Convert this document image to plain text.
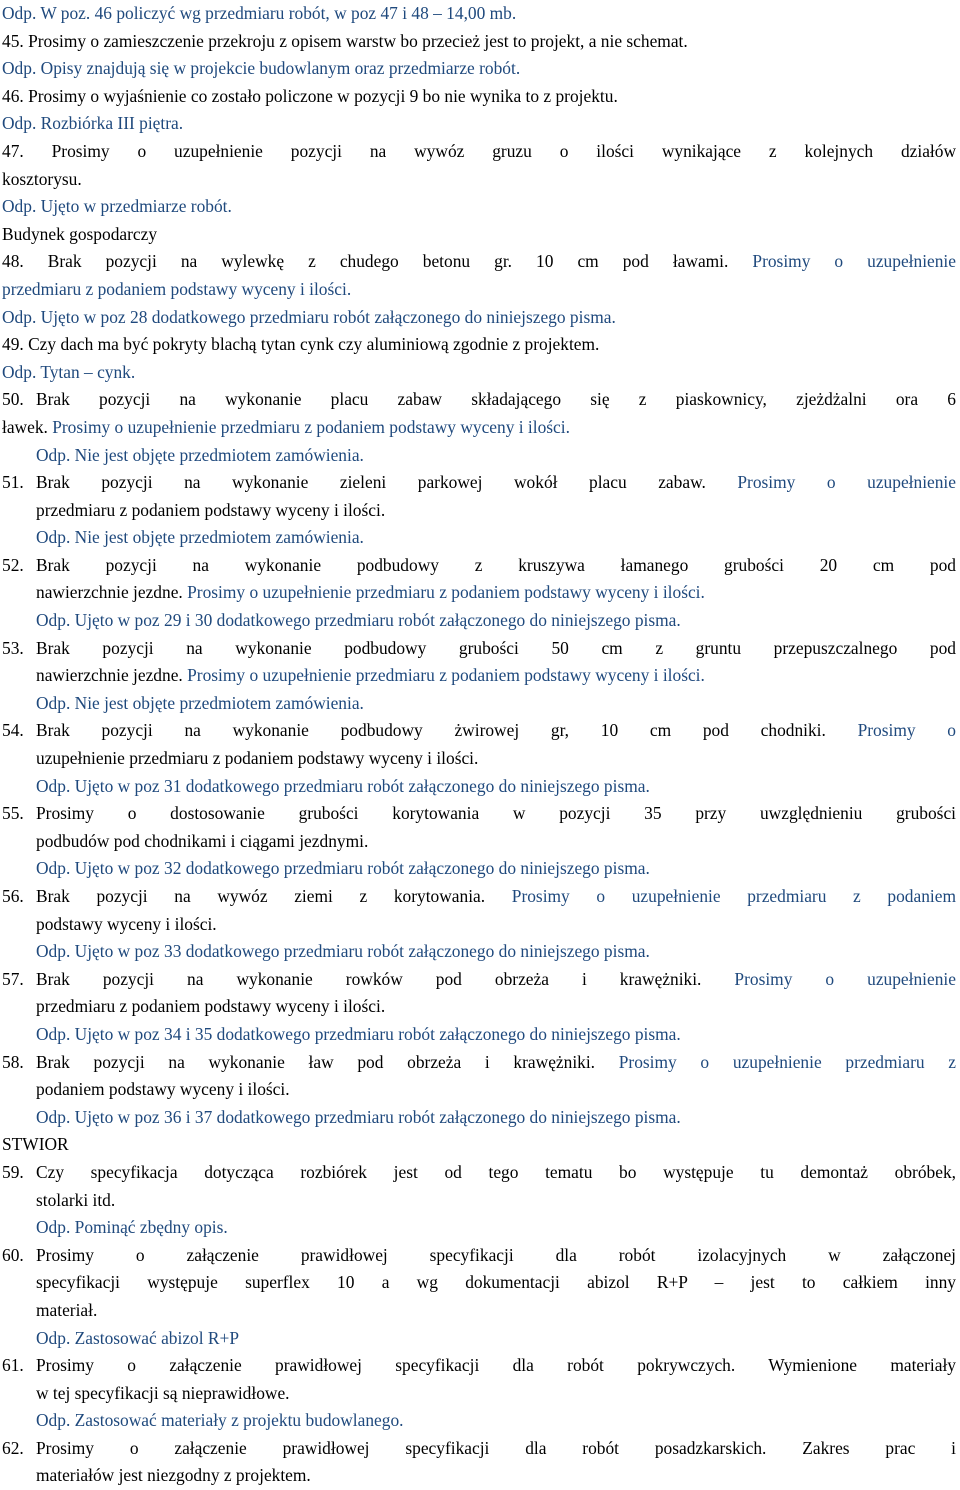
Odp. W poz. 46 policzyć wg przedmiaru robót, w poz 47 i 48 – 14,00 mb.
45. Prosimy o zamieszczenie przekroju z opisem warstw bo przecież jest to projekt, a nie schemat.
Odp. Opisy znajdują się w projekcie budowlanym oraz przedmiarze robót.
46. Prosimy o wyjaśnienie co zostało policzone w pozycji 9 bo nie wynika to z projektu.
Odp. Rozbiórka III piętra.
47. Prosimy o uzupełnienie pozycji na wywóz gruzu o ilości wynikające z kolejnych działów
kosztorysu.
Odp. Ujęto w przedmiarze robót.
Budynek gospodarczy
48. Brak pozycji na wylewkę z chudego betonu gr. 10 cm pod ławami. Prosimy o uzupełnienie
przedmiaru z podaniem podstawy wyceny i ilości.
Odp. Ujęto w poz 28 dodatkowego przedmiaru robót załączonego do niniejszego pisma.
49. Czy dach ma być pokryty blachą tytan cynk czy aluminiową zgodnie z projektem.
Odp. Tytan – cynk.
50. Brak pozycji na wykonanie placu zabaw składającego się z piaskownicy, zjeżdżalni ora 6
ławek. Prosimy o uzupełnienie przedmiaru z podaniem podstawy wyceny i ilości.
Odp. Nie jest objęte przedmiotem zamówienia.
51. Brak pozycji na wykonanie zieleni parkowej wokół placu zabaw. Prosimy o uzupełnienie
przedmiaru z podaniem podstawy wyceny i ilości.
Odp. Nie jest objęte przedmiotem zamówienia.
52. Brak pozycji na wykonanie podbudowy z kruszywa łamanego grubości 20 cm pod
nawierzchnie jezdne. Prosimy o uzupełnienie przedmiaru z podaniem podstawy wyceny i ilości.
Odp. Ujęto w poz 29 i 30 dodatkowego przedmiaru robót załączonego do niniejszego pisma.
53. Brak pozycji na wykonanie podbudowy grubości 50 cm z gruntu przepuszczalnego pod
nawierzchnie jezdne. Prosimy o uzupełnienie przedmiaru z podaniem podstawy wyceny i ilości.
Odp. Nie jest objęte przedmiotem zamówienia.
54. Brak pozycji na wykonanie podbudowy żwirowej gr, 10 cm pod chodniki. Prosimy o
uzupełnienie przedmiaru z podaniem podstawy wyceny i ilości.
Odp. Ujęto w poz 31 dodatkowego przedmiaru robót załączonego do niniejszego pisma.
55. Prosimy o dostosowanie grubości korytowania w pozycji 35 przy uwzględnieniu grubości
podbudów pod chodnikami i ciągami jezdnymi.
Odp. Ujęto w poz 32 dodatkowego przedmiaru robót załączonego do niniejszego pisma.
56. Brak pozycji na wywóz ziemi z korytowania. Prosimy o uzupełnienie przedmiaru z podaniem
podstawy wyceny i ilości.
Odp. Ujęto w poz 33 dodatkowego przedmiaru robót załączonego do niniejszego pisma.
57. Brak pozycji na wykonanie rowków pod obrzeża i krawężniki. Prosimy o uzupełnienie
przedmiaru z podaniem podstawy wyceny i ilości.
Odp. Ujęto w poz 34 i 35 dodatkowego przedmiaru robót załączonego do niniejszego pisma.
58. Brak pozycji na wykonanie ław pod obrzeża i krawężniki. Prosimy o uzupełnienie przedmiaru z
podaniem podstawy wyceny i ilości.
Odp. Ujęto w poz 36 i 37 dodatkowego przedmiaru robót załączonego do niniejszego pisma.
STWIOR
59. Czy specyfikacja dotycząca rozbiórek jest od tego tematu bo występuje tu demontaż obróbek,
stolarki itd.
Odp. Pominąć zbędny opis.
60. Prosimy o załączenie prawidłowej specyfikacji dla robót izolacyjnych w załączonej
specyfikacji występuje superflex 10 a wg dokumentacji abizol R+P – jest to całkiem inny
materiał.
Odp. Zastosować abizol R+P
61. Prosimy o załączenie prawidłowej specyfikacji dla robót pokrywczych. Wymienione materiały
w tej specyfikacji są nieprawidłowe.
Odp. Zastosować materiały z projektu budowlanego.
62. Prosimy o załączenie prawidłowej specyfikacji dla robót posadzkarskich. Zakres prac i
materiałów jest niezgodny z projektem.
